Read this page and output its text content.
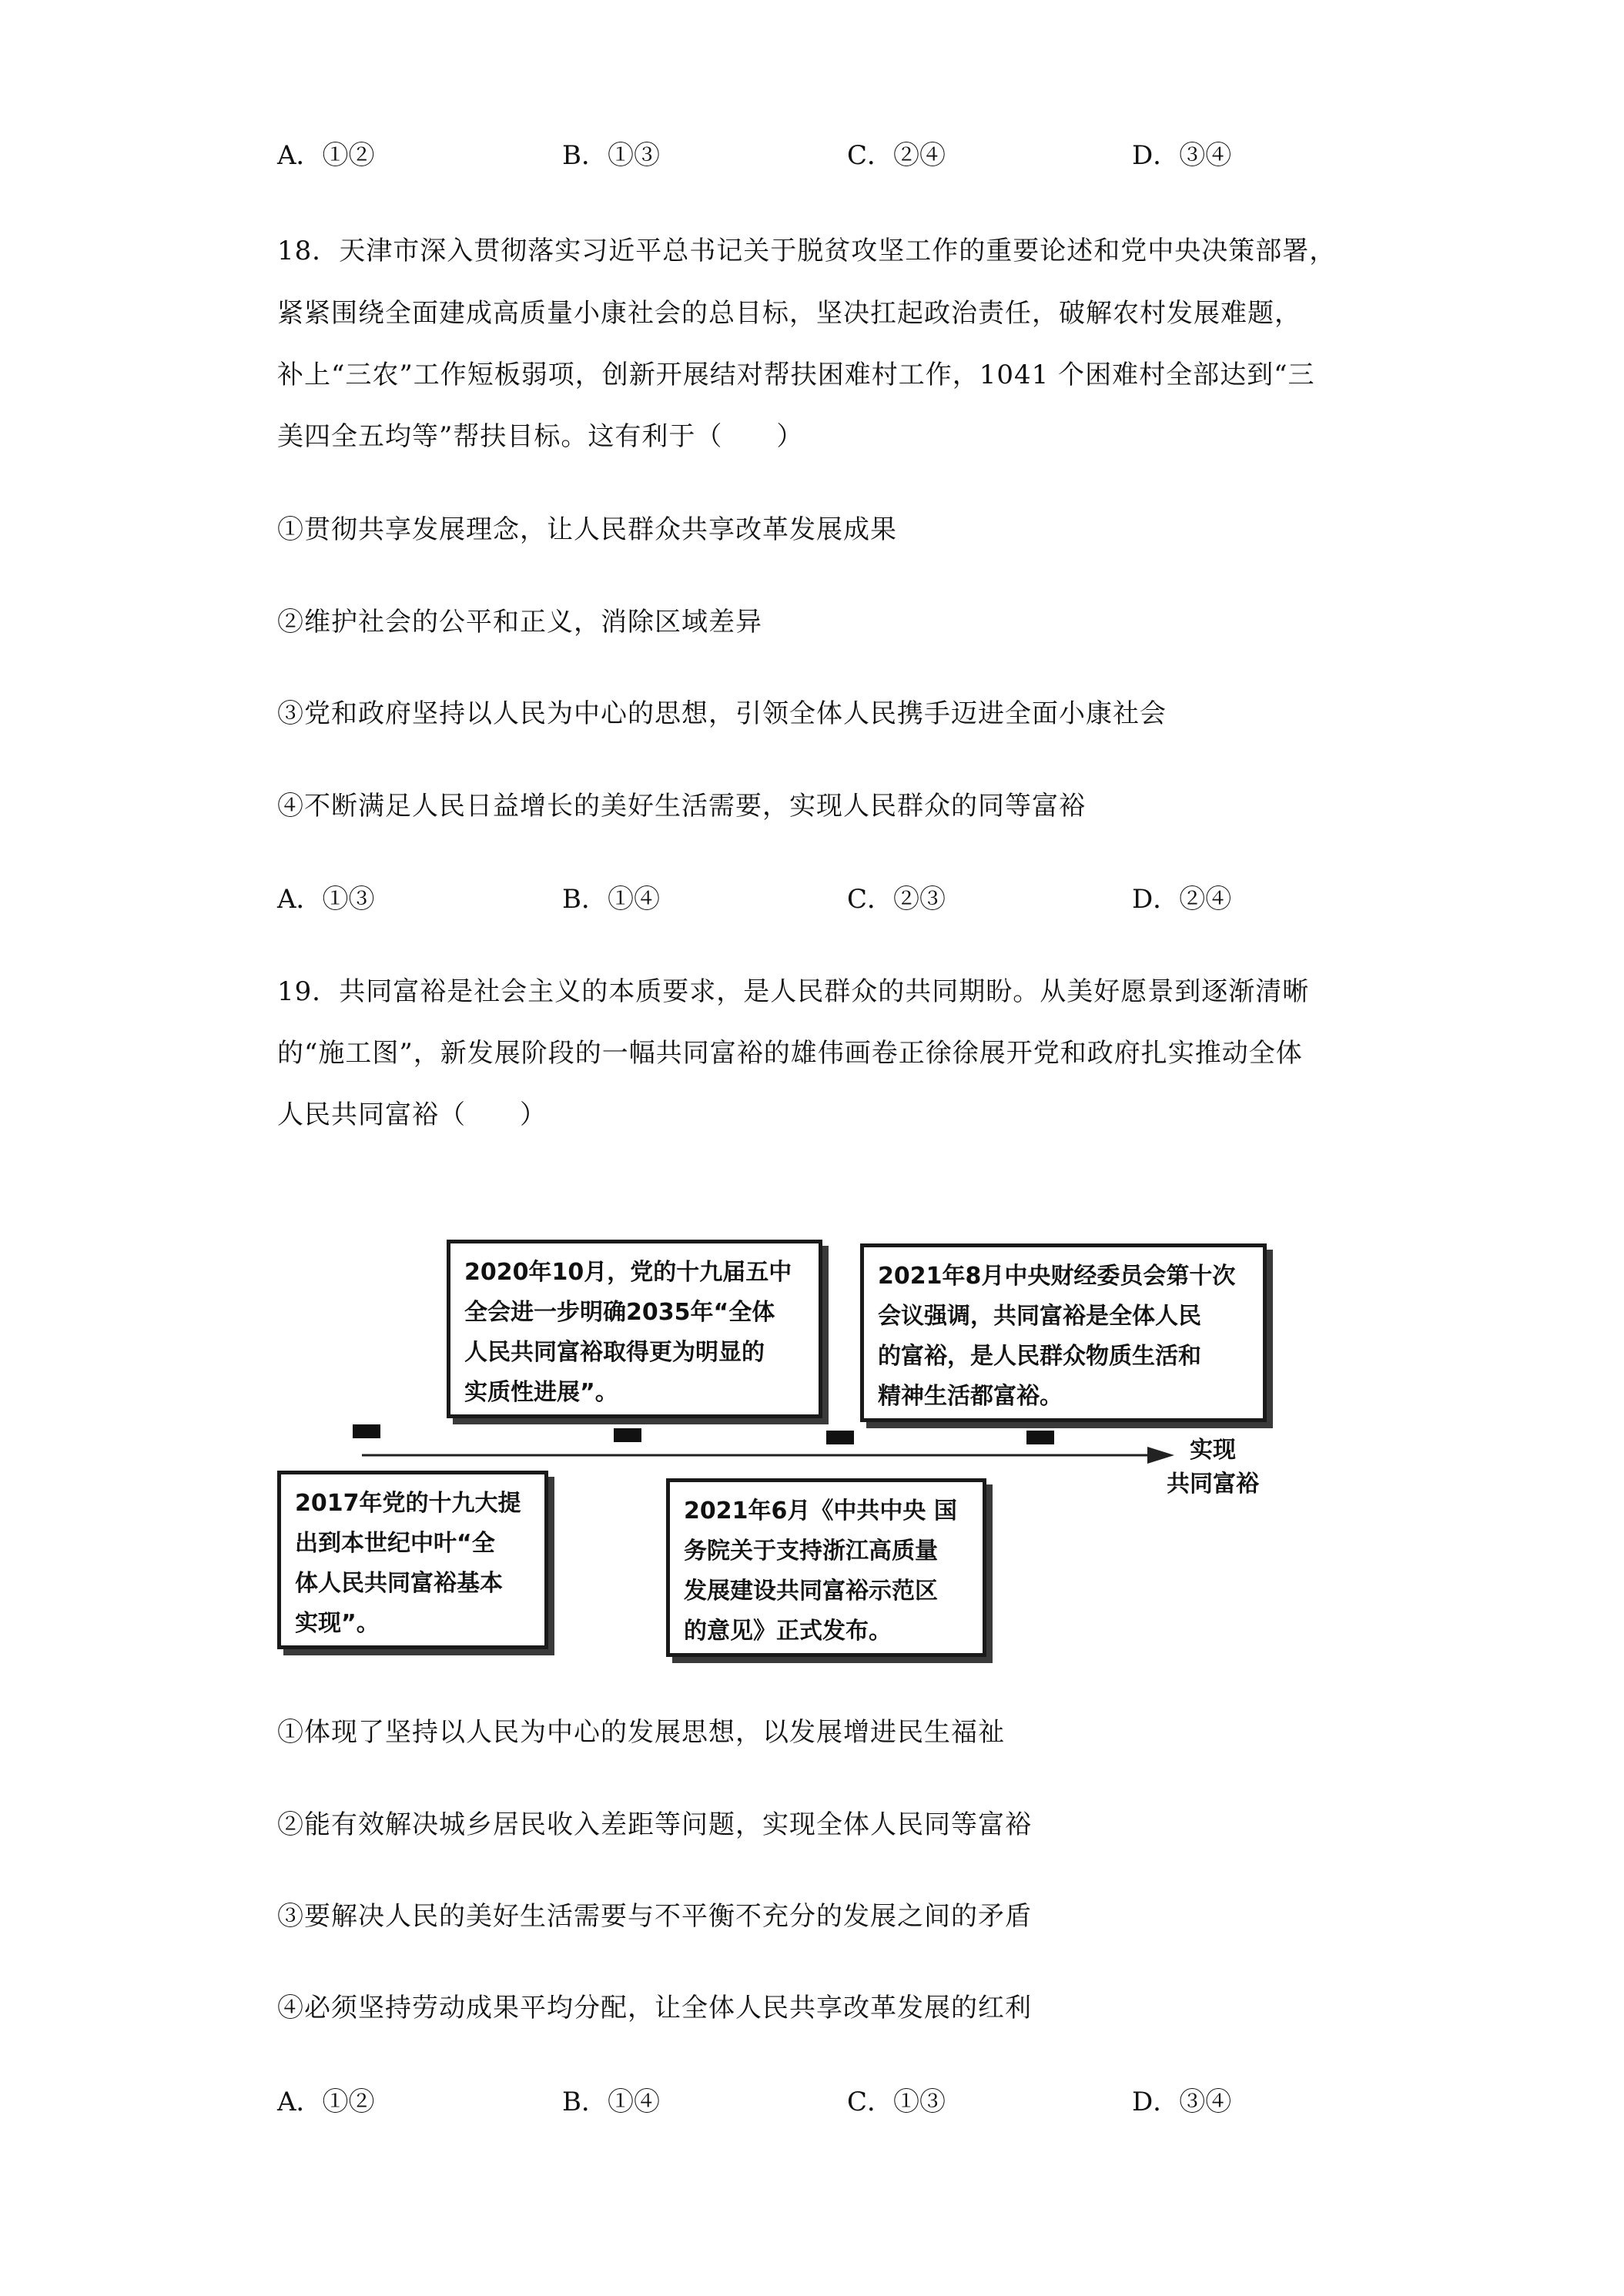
A．①②	B．①③	C．②④	D．③④
18．天津市深入贯彻落实习近平总书记关于脱贫攻坚工作的重要论述和党中央决策部署，
紧紧围绕全面建成高质量小康社会的总目标，坚决扛起政治责任，破解农村发展难题，
补上“三农”工作短板弱项，创新开展结对帮扶困难村工作，1041 个困难村全部达到“三
美四全五均等”帮扶目标。这有利于（　　）
①贯彻共享发展理念，让人民群众共享改革发展成果
②维护社会的公平和正义，消除区域差异
③党和政府坚持以人民为中心的思想，引领全体人民携手迈进全面小康社会
④不断满足人民日益增长的美好生活需要，实现人民群众的同等富裕
A．①③	B．①④	C．②③	D．②④
19．共同富裕是社会主义的本质要求，是人民群众的共同期盼。从美好愿景到逐渐清晰
的“施工图”，新发展阶段的一幅共同富裕的雄伟画卷正徐徐展开党和政府扎实推动全体
人民共同富裕（　　）
2020年10月，党的十九届五中
全会进一步明确2035年“全体
人民共同富裕取得更为明显的
实质性进展”。
2021年8月中央财经委员会第十次
会议强调，共同富裕是全体人民
的富裕，是人民群众物质生活和
精神生活都富裕。
2017年党的十九大提
出到本世纪中叶“全
体人民共同富裕基本
实现”。
2021年6月《中共中央 国
务院关于支持浙江高质量
发展建设共同富裕示范区
的意见》正式发布。
实现
共同富裕
①体现了坚持以人民为中心的发展思想，以发展增进民生福祉
②能有效解决城乡居民收入差距等问题，实现全体人民同等富裕
③要解决人民的美好生活需要与不平衡不充分的发展之间的矛盾
④必须坚持劳动成果平均分配，让全体人民共享改革发展的红利
A．①②	B．①④	C．①③	D．③④
